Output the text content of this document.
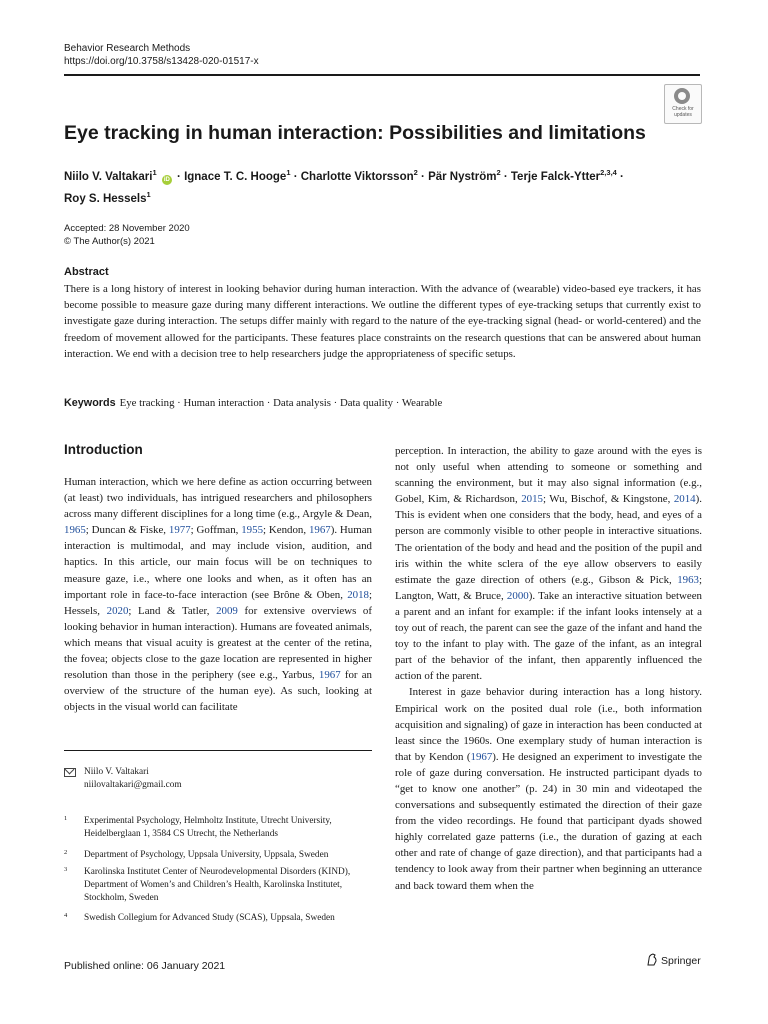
Behavior Research Methods
https://doi.org/10.3758/s13428-020-01517-x
Check for
updates
Eye tracking in human interaction: Possibilities and limitations
Niilo V. Valtakari$^1$ iD · Ignace T. C. Hooge$^1$ · Charlotte Viktorsson$^2$ · Pär Nyström$^2$ · Terje Falck-Ytter$^{2,3,4}$ ·
Roy S. Hessels$^1$
Accepted: 28 November 2020
© The Author(s) 2021
Abstract
There is a long history of interest in looking behavior during human interaction. With the advance of (wearable) video-based eye trackers, it has become possible to measure gaze during many different interactions. We outline the different types of eye-tracking setups that currently exist to investigate gaze during interaction. The setups differ mainly with regard to the nature of the eye-tracking signal (head- or world-centered) and the freedom of movement allowed for the participants. These features place constraints on the research questions that can be answered about human interaction. We end with a decision tree to help researchers judge the appropriateness of specific setups.
Keywords Eye tracking · Human interaction · Data analysis · Data quality · Wearable
Introduction

Human interaction, which we here define as action occurring between (at least) two individuals, has intrigued researchers and philosophers across many different disciplines for a long time (e.g., Argyle & Dean, 1965; Duncan & Fiske, 1977; Goffman, 1955; Kendon, 1967). Human interaction is multimodal, and may include vision, audition, and haptics. In this article, our main focus will be on techniques to measure gaze, i.e., where one looks and when, as it often has an important role in face-to-face interaction (see Brône & Oben, 2018; Hessels, 2020; Land & Tatler, 2009 for extensive overviews of looking behavior in human interaction). Humans are foveated animals, which means that visual acuity is greatest at the center of the retina, the fovea; objects close to the gaze location are represented in higher resolution than those in the periphery (see e.g., Yarbus, 1967 for an overview of the structure of the human eye). As such, looking at objects in the visual world can facilitate

perception. In interaction, the ability to gaze around with the eyes is not only useful when attending to someone or something and scanning the environment, but it may also signal information (e.g., Gobel, Kim, & Richardson, 2015; Wu, Bischof, & Kingstone, 2014). This is evident when one considers that the body, head, and eyes of a person are commonly visible to other people in interactive situations. The orientation of the body and head and the position of the pupil and iris within the white sclera of the eye allow observers to easily estimate the gaze direction of others (e.g., Gibson & Pick, 1963; Langton, Watt, & Bruce, 2000). Take an interactive situation between a parent and an infant for example: if the infant looks intensely at a toy out of reach, the parent can see the gaze of the infant and hand the toy to the infant to play with. The gaze of the infant, as an integral part of the behavior of the infant, then apparently influenced the action of the parent.

Interest in gaze behavior during interaction has a long history. Empirical work on the posited dual role (i.e., both information acquisition and signaling) of gaze in interaction has been conducted at least since the 1960s. One exemplary study of human interaction is that by Kendon (1967). He designed an experiment to investigate the role of gaze during conversation. He instructed participant dyads to “get to know one another” (p. 24) in 30 min and videotaped the conversations and subsequently estimated the direction of their gaze from the video recordings. He found that participant dyads showed highly correlated gaze patterns (i.e., the duration of gazing at each other and rate of change of gaze direction), and that participants had a tendency to look away from their partner when beginning an utterance and back toward them when the

Niilo V. Valtakari
niilovaltakari@gmail.com
1 Experimental Psychology, Helmholtz Institute, Utrecht University, Heidelberglaan 1, 3584 CS Utrecht, the Netherlands
2 Department of Psychology, Uppsala University, Uppsala, Sweden
3 Karolinska Institutet Center of Neurodevelopmental Disorders (KIND), Department of Women’s and Children’s Health, Karolinska Institutet, Stockholm, Sweden
4 Swedish Collegium for Advanced Study (SCAS), Uppsala, Sweden
Published online: 06 January 2021	Springer
